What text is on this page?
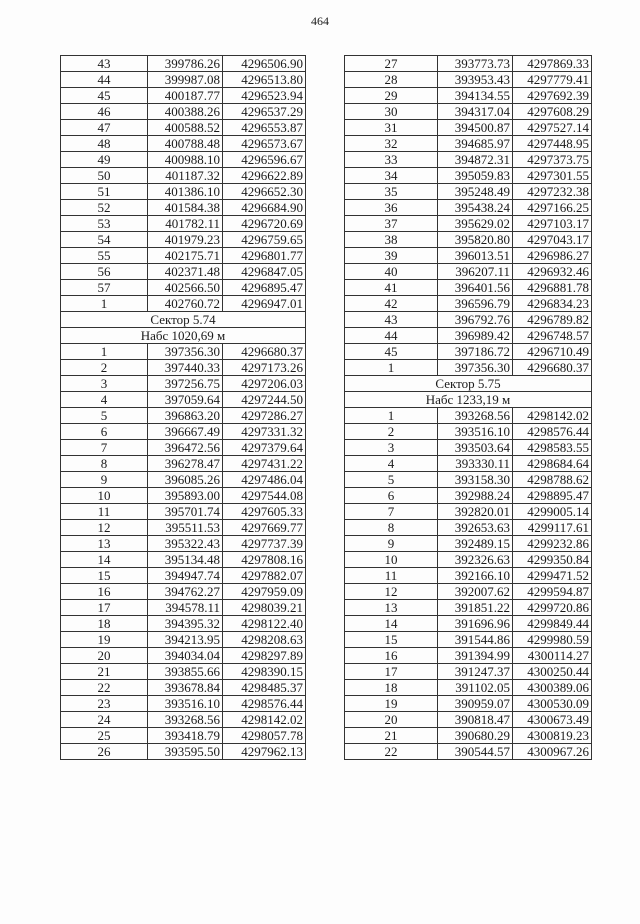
464
43	399786.26	4296506.90
44	399987.08	4296513.80
45	400187.77	4296523.94
46	400388.26	4296537.29
47	400588.52	4296553.87
48	400788.48	4296573.67
49	400988.10	4296596.67
50	401187.32	4296622.89
51	401386.10	4296652.30
52	401584.38	4296684.90
53	401782.11	4296720.69
54	401979.23	4296759.65
55	402175.71	4296801.77
56	402371.48	4296847.05
57	402566.50	4296895.47
1	402760.72	4296947.01
Сектор 5.74		
Набс 1020,69 м		
1	397356.30	4296680.37
2	397440.33	4297173.26
3	397256.75	4297206.03
4	397059.64	4297244.50
5	396863.20	4297286.27
6	396667.49	4297331.32
7	396472.56	4297379.64
8	396278.47	4297431.22
9	396085.26	4297486.04
10	395893.00	4297544.08
11	395701.74	4297605.33
12	395511.53	4297669.77
13	395322.43	4297737.39
14	395134.48	4297808.16
15	394947.74	4297882.07
16	394762.27	4297959.09
17	394578.11	4298039.21
18	394395.32	4298122.40
19	394213.95	4298208.63
20	394034.04	4298297.89
21	393855.66	4298390.15
22	393678.84	4298485.37
23	393516.10	4298576.44
24	393268.56	4298142.02
25	393418.79	4298057.78
26	393595.50	4297962.13
27	393773.73	4297869.33
28	393953.43	4297779.41
29	394134.55	4297692.39
30	394317.04	4297608.29
31	394500.87	4297527.14
32	394685.97	4297448.95
33	394872.31	4297373.75
34	395059.83	4297301.55
35	395248.49	4297232.38
36	395438.24	4297166.25
37	395629.02	4297103.17
38	395820.80	4297043.17
39	396013.51	4296986.27
40	396207.11	4296932.46
41	396401.56	4296881.78
42	396596.79	4296834.23
43	396792.76	4296789.82
44	396989.42	4296748.57
45	397186.72	4296710.49
1	397356.30	4296680.37
Сектор 5.75		
Набс 1233,19 м		
1	393268.56	4298142.02
2	393516.10	4298576.44
3	393503.64	4298583.55
4	393330.11	4298684.64
5	393158.30	4298788.62
6	392988.24	4298895.47
7	392820.01	4299005.14
8	392653.63	4299117.61
9	392489.15	4299232.86
10	392326.63	4299350.84
11	392166.10	4299471.52
12	392007.62	4299594.87
13	391851.22	4299720.86
14	391696.96	4299849.44
15	391544.86	4299980.59
16	391394.99	4300114.27
17	391247.37	4300250.44
18	391102.05	4300389.06
19	390959.07	4300530.09
20	390818.47	4300673.49
21	390680.29	4300819.23
22	390544.57	4300967.26
